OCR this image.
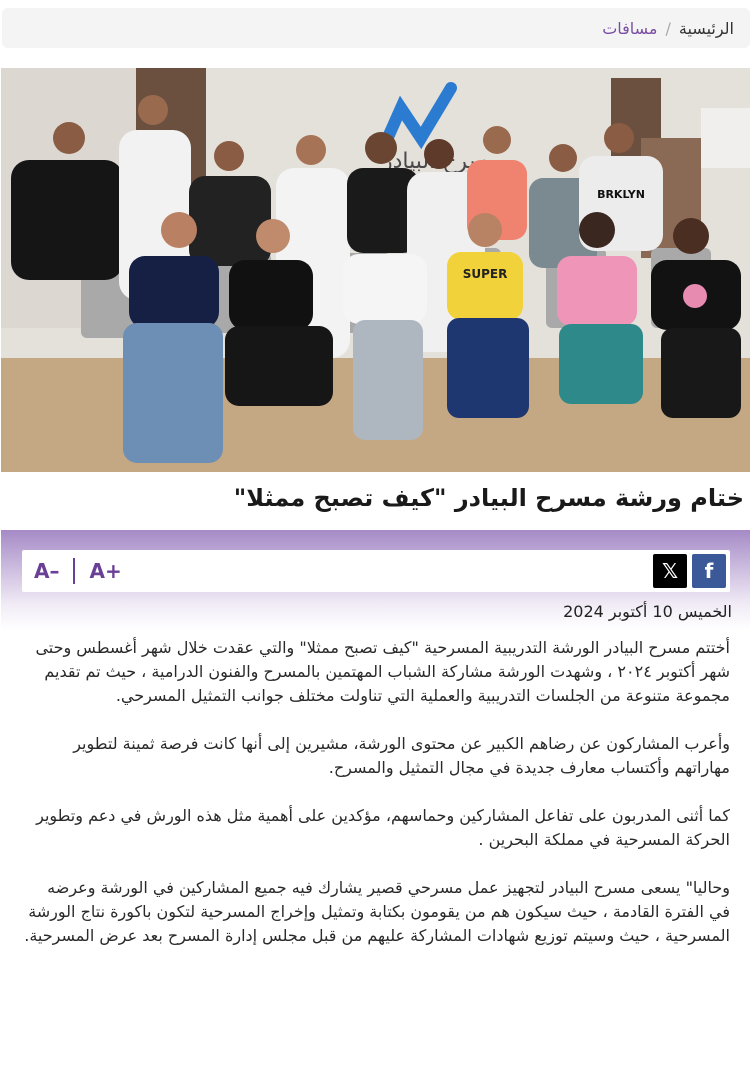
الرئيسية
/
مسافات
مسرح البيادر
BRKLYN
SUPER
ختام ورشة مسرح البيادر "كيف تصبح ممثلا"
f
𝕏
A– A+
الخميس 10 أكتوبر 2024

أختتم مسرح البيادر الورشة التدريبية المسرحية "كيف تصبح ممثلا" والتي عقدت خلال شهر أغسطس وحتى شهر أكتوبر ٢٠٢٤ ، وشهدت الورشة مشاركة الشباب المهتمين بالمسرح والفنون الدرامية ، حيث تم تقديم مجموعة متنوعة من الجلسات التدريبية والعملية التي تناولت مختلف جوانب التمثيل المسرحي.

وأعرب المشاركون عن رضاهم الكبير عن محتوى الورشة، مشيرين إلى أنها كانت فرصة ثمينة لتطوير مهاراتهم وأكتساب معارف جديدة في مجال التمثيل والمسرح.

كما أثنى المدربون على تفاعل المشاركين وحماسهم، مؤكدين على أهمية مثل هذه الورش في دعم وتطوير الحركة المسرحية في مملكة البحرين .

وحاليا" يسعى مسرح البيادر لتجهيز عمل مسرحي قصير يشارك فيه جميع المشاركين في الورشة وعرضه في الفترة القادمة ، حيث سيكون هم من يقومون بكتابة وتمثيل وإخراج المسرحية لتكون باكورة نتاج الورشة المسرحية ، حيث وسيتم توزيع شهادات المشاركة عليهم من قبل مجلس إدارة المسرح بعد عرض المسرحية.
